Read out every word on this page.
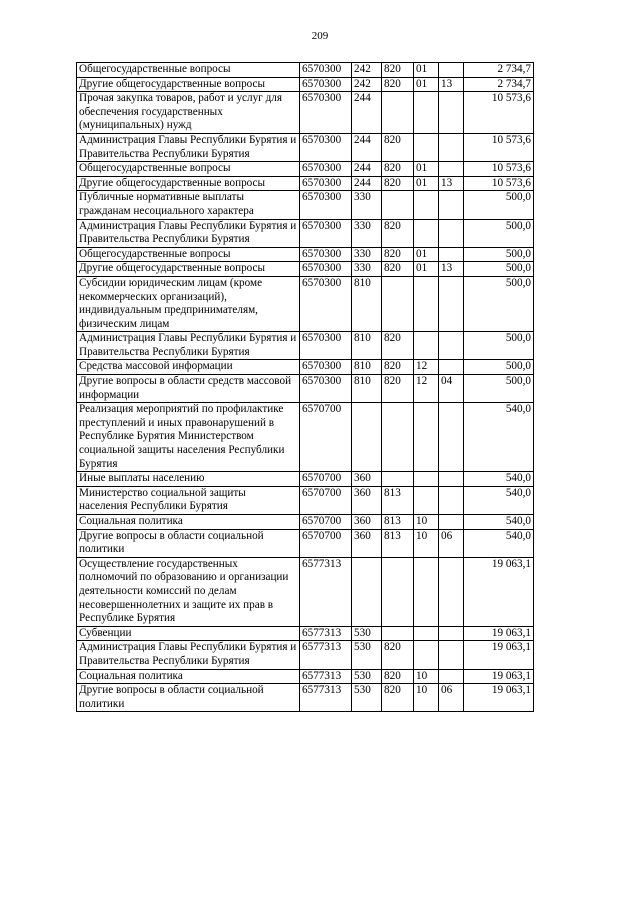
209
Общегосударственные вопросы	6570300	242	820	01		2 734,7
Другие общегосударственные вопросы	6570300	242	820	01	13	2 734,7
Прочая закупка товаров, работ и услуг для обеспечения государственных (муниципальных) нужд	6570300	244				10 573,6
Администрация Главы Республики Бурятия и Правительства Республики Бурятия	6570300	244	820			10 573,6
Общегосударственные вопросы	6570300	244	820	01		10 573,6
Другие общегосударственные вопросы	6570300	244	820	01	13	10 573,6
Публичные нормативные выплаты гражданам несоциального характера	6570300	330				500,0
Администрация Главы Республики Бурятия и Правительства Республики Бурятия	6570300	330	820			500,0
Общегосударственные вопросы	6570300	330	820	01		500,0
Другие общегосударственные вопросы	6570300	330	820	01	13	500,0
Субсидии юридическим лицам (кроме некоммерческих организаций), индивидуальным предпринимателям, физическим лицам	6570300	810				500,0
Администрация Главы Республики Бурятия и Правительства Республики Бурятия	6570300	810	820			500,0
Средства массовой информации	6570300	810	820	12		500,0
Другие вопросы в области средств массовой информации	6570300	810	820	12	04	500,0
Реализация мероприятий по профилактике преступлений и иных правонарушений в Республике Бурятия Министерством социальной защиты населения Республики Бурятия	6570700					540,0
Иные выплаты населению	6570700	360				540,0
Министерство социальной защиты населения Республики Бурятия	6570700	360	813			540,0
Социальная политика	6570700	360	813	10		540,0
Другие вопросы в области социальной политики	6570700	360	813	10	06	540,0
Осуществление государственных полномочий по образованию и организации деятельности комиссий по делам несовершеннолетних и защите их прав в Республике Бурятия	6577313					19 063,1
Субвенции	6577313	530				19 063,1
Администрация Главы Республики Бурятия и Правительства Республики Бурятия	6577313	530	820			19 063,1
Социальная политика	6577313	530	820	10		19 063,1
Другие вопросы в области социальной политики	6577313	530	820	10	06	19 063,1
